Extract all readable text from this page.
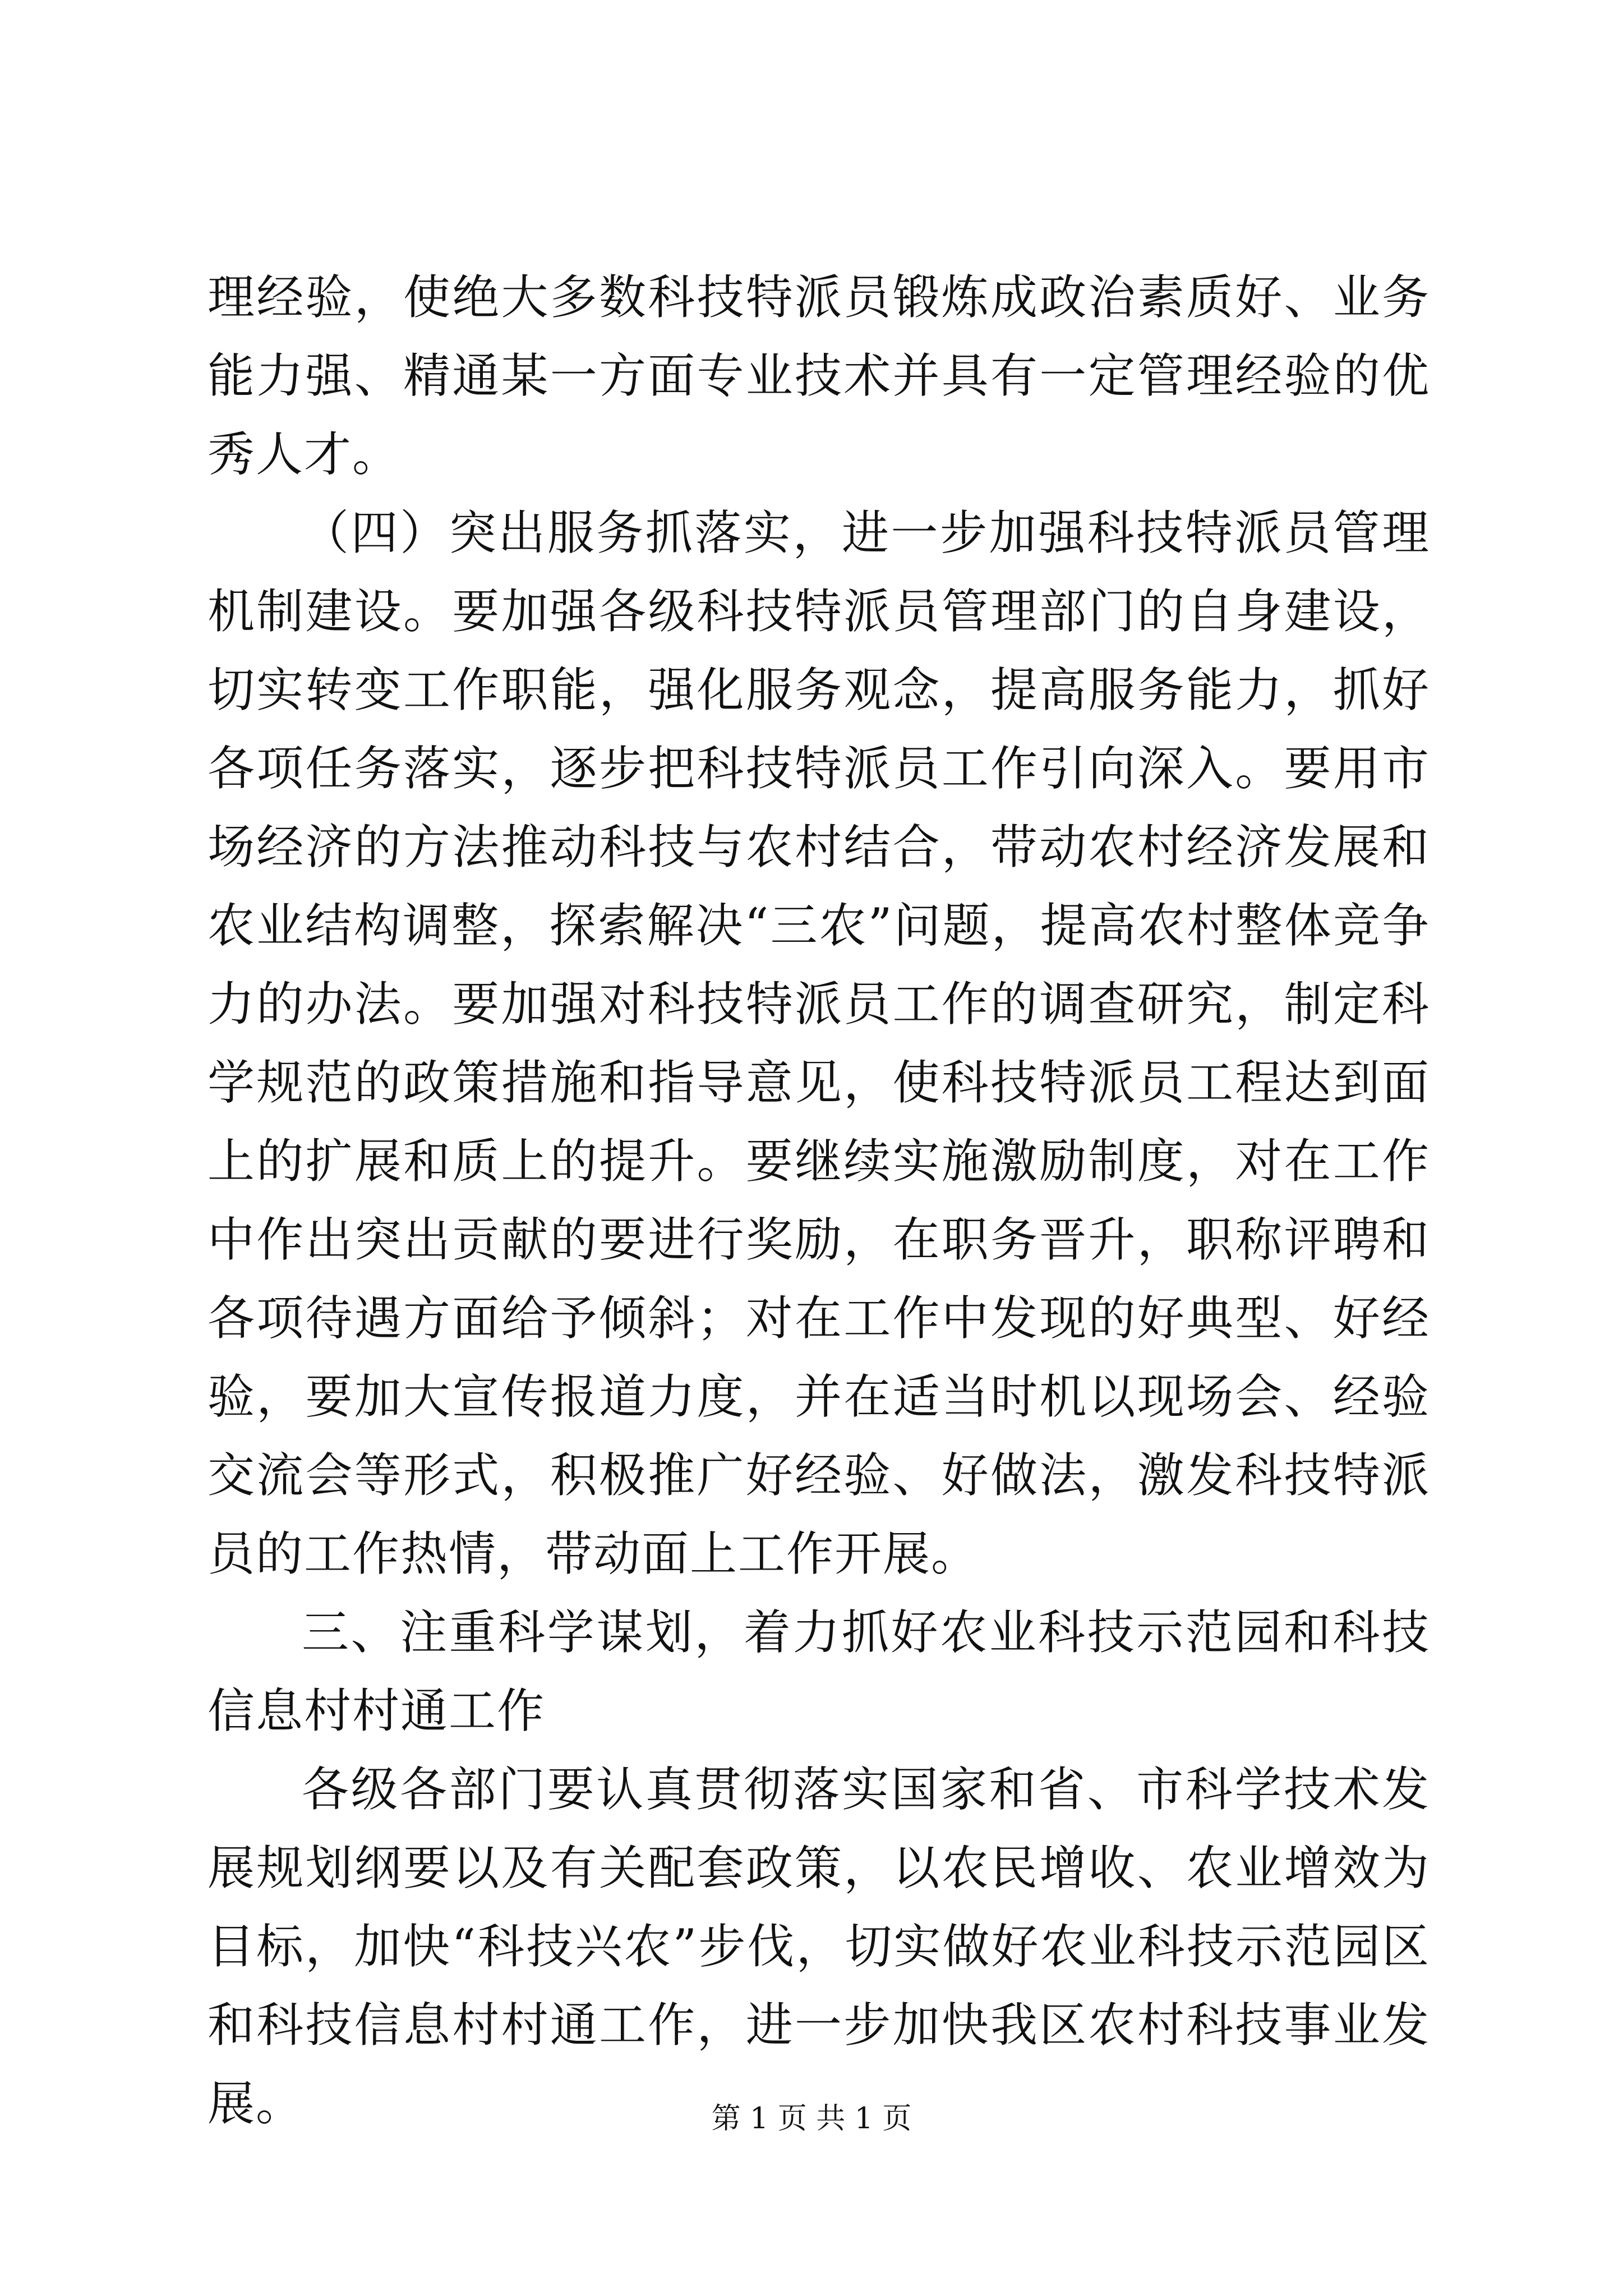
理经验，使绝大多数科技特派员锻炼成政治素质好、业务能力强、精通某一方面专业技术并具有一定管理经验的优秀人才。

（四）突出服务抓落实，进一步加强科技特派员管理机制建设。要加强各级科技特派员管理部门的自身建设，切实转变工作职能，强化服务观念，提高服务能力，抓好各项任务落实，逐步把科技特派员工作引向深入。要用市场经济的方法推动科技与农村结合，带动农村经济发展和农业结构调整，探索解决“三农”问题，提高农村整体竞争力的办法。要加强对科技特派员工作的调查研究，制定科学规范的政策措施和指导意见，使科技特派员工程达到面上的扩展和质上的提升。要继续实施激励制度，对在工作中作出突出贡献的要进行奖励，在职务晋升，职称评聘和各项待遇方面给予倾斜；对在工作中发现的好典型、好经验，要加大宣传报道力度，并在适当时机以现场会、经验交流会等形式，积极推广好经验、好做法，激发科技特派员的工作热情，带动面上工作开展。

三、注重科学谋划，着力抓好农业科技示范园和科技信息村村通工作

各级各部门要认真贯彻落实国家和省、市科学技术发展规划纲要以及有关配套政策，以农民增收、农业增效为目标，加快“科技兴农”步伐，切实做好农业科技示范园区和科技信息村村通工作，进一步加快我区农村科技事业发展。	第 1 页 共 1 页
